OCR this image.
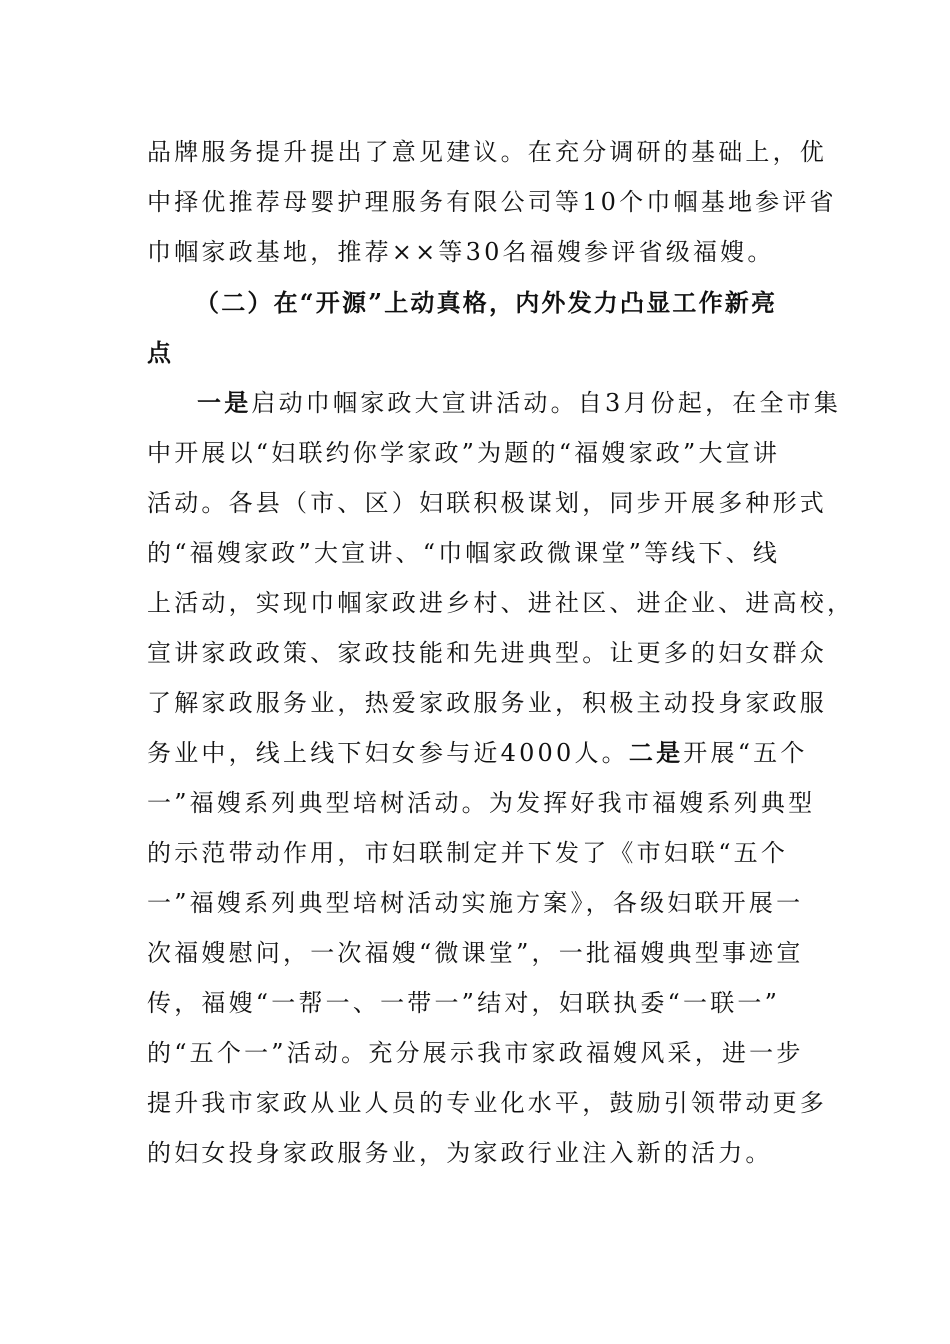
品牌服务提升提出了意见建议。在充分调研的基础上，优
中择优推荐母婴护理服务有限公司等10个巾帼基地参评省
巾帼家政基地，推荐××等30名福嫂参评省级福嫂。
（二）在“开源”上动真格，内外发力凸显工作新亮
点
一是启动巾帼家政大宣讲活动。自3月份起，在全市集
中开展以“妇联约你学家政”为题的“福嫂家政”大宣讲
活动。各县（市、区）妇联积极谋划，同步开展多种形式
的“福嫂家政”大宣讲、“巾帼家政微课堂”等线下、线
上活动，实现巾帼家政进乡村、进社区、进企业、进高校，
宣讲家政政策、家政技能和先进典型。让更多的妇女群众
了解家政服务业，热爱家政服务业，积极主动投身家政服
务业中，线上线下妇女参与近4000人。二是开展“五个
一”福嫂系列典型培树活动。为发挥好我市福嫂系列典型
的示范带动作用，市妇联制定并下发了《市妇联“五个
一”福嫂系列典型培树活动实施方案》，各级妇联开展一
次福嫂慰问，一次福嫂“微课堂”，一批福嫂典型事迹宣
传，福嫂“一帮一、一带一”结对，妇联执委“一联一”
的“五个一”活动。充分展示我市家政福嫂风采，进一步
提升我市家政从业人员的专业化水平，鼓励引领带动更多
的妇女投身家政服务业，为家政行业注入新的活力。
